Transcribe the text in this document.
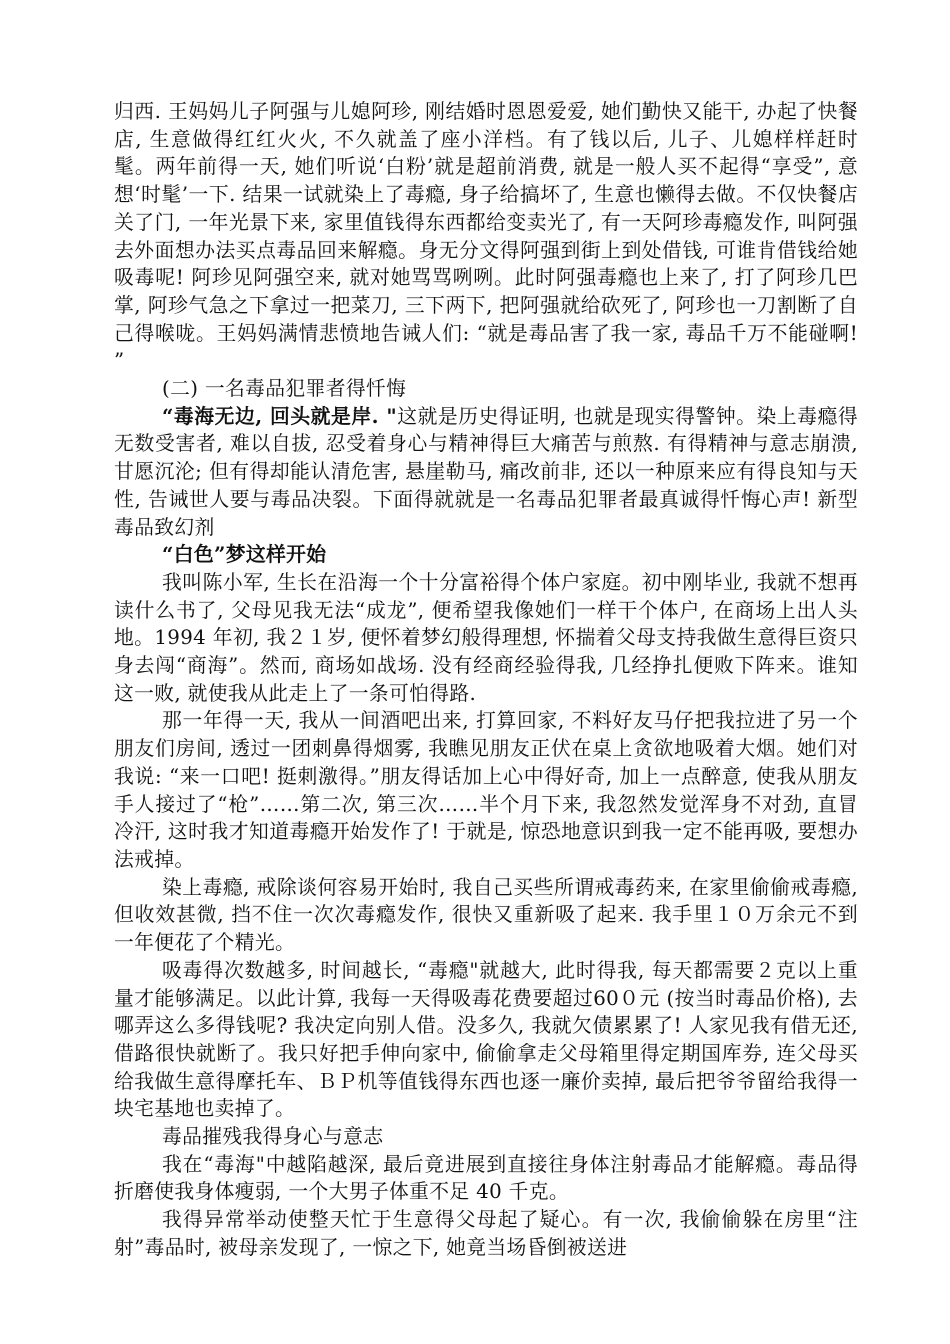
归西. 王妈妈儿子阿强与儿媳阿珍, 刚结婚时恩恩爱爱, 她们勤快又能干, 办起了快餐店, 生意做得红红火火, 不久就盖了座小洋档。有了钱以后, 儿子、儿媳样样赶时髦。两年前得一天, 她们听说‘白粉’就是超前消费, 就是一般人买不起得“享受”, 意想‘时髦’一下. 结果一试就染上了毒瘾, 身子给搞坏了, 生意也懒得去做。不仅快餐店关了门, 一年光景下来, 家里值钱得东西都给变卖光了, 有一天阿珍毒瘾发作, 叫阿强去外面想办法买点毒品回来解瘾。身无分文得阿强到街上到处借钱, 可谁肯借钱给她吸毒呢! 阿珍见阿强空来, 就对她骂骂咧咧。此时阿强毒瘾也上来了, 打了阿珍几巴掌, 阿珍气急之下拿过一把菜刀, 三下两下, 把阿强就给砍死了, 阿珍也一刀割断了自己得喉咙。王妈妈满情悲愤地告诫人们: “就是毒品害了我一家, 毒品千万不能碰啊! ”

(二) 一名毒品犯罪者得忏悔

“毒海无边, 回头就是岸. "这就是历史得证明, 也就是现实得警钟。染上毒瘾得无数受害者, 难以自拔, 忍受着身心与精神得巨大痛苦与煎熬. 有得精神与意志崩溃, 甘愿沉沦; 但有得却能认清危害, 悬崖勒马, 痛改前非, 还以一种原来应有得良知与天性, 告诫世人要与毒品决裂。下面得就就是一名毒品犯罪者最真诚得忏悔心声! 新型毒品致幻剂

“白色”梦这样开始

我叫陈小军, 生长在沿海一个十分富裕得个体户家庭。初中刚毕业, 我就不想再读什么书了, 父母见我无法“成龙”, 便希望我像她们一样干个体户, 在商场上出人头地。1994 年初, 我２１岁, 便怀着梦幻般得理想, 怀揣着父母支持我做生意得巨资只身去闯“商海”。然而, 商场如战场. 没有经商经验得我, 几经挣扎便败下阵来。谁知这一败, 就使我从此走上了一条可怕得路.

那一年得一天, 我从一间酒吧出来, 打算回家, 不料好友马仔把我拉进了另一个朋友们房间, 透过一团刺鼻得烟雾, 我瞧见朋友正伏在桌上贪欲地吸着大烟。她们对我说: “来一口吧! 挺刺激得。”朋友得话加上心中得好奇, 加上一点醉意, 使我从朋友手人接过了“枪”……第二次, 第三次……半个月下来, 我忽然发觉浑身不对劲, 直冒冷汗, 这时我才知道毒瘾开始发作了! 于就是, 惊恐地意识到我一定不能再吸, 要想办法戒掉。

染上毒瘾, 戒除谈何容易开始时, 我自己买些所谓戒毒药来, 在家里偷偷戒毒瘾, 但收效甚微, 挡不住一次次毒瘾发作, 很快又重新吸了起来. 我手里１０万余元不到一年便花了个精光。

吸毒得次数越多, 时间越长, “毒瘾"就越大, 此时得我, 每天都需要２克以上重量才能够满足。以此计算, 我每一天得吸毒花费要超过60０元 (按当时毒品价格), 去哪弄这么多得钱呢? 我决定向别人借。没多久, 我就欠债累累了! 人家见我有借无还, 借路很快就断了。我只好把手伸向家中, 偷偷拿走父母箱里得定期国库券, 连父母买给我做生意得摩托车、ＢＰ机等值钱得东西也逐一廉价卖掉, 最后把爷爷留给我得一块宅基地也卖掉了。

毒品摧残我得身心与意志

我在“毒海"中越陷越深, 最后竟进展到直接往身体注射毒品才能解瘾。毒品得折磨使我身体瘦弱, 一个大男子体重不足 40 千克。

我得异常举动使整天忙于生意得父母起了疑心。有一次, 我偷偷躲在房里“注射”毒品时, 被母亲发现了, 一惊之下, 她竟当场昏倒被送进
